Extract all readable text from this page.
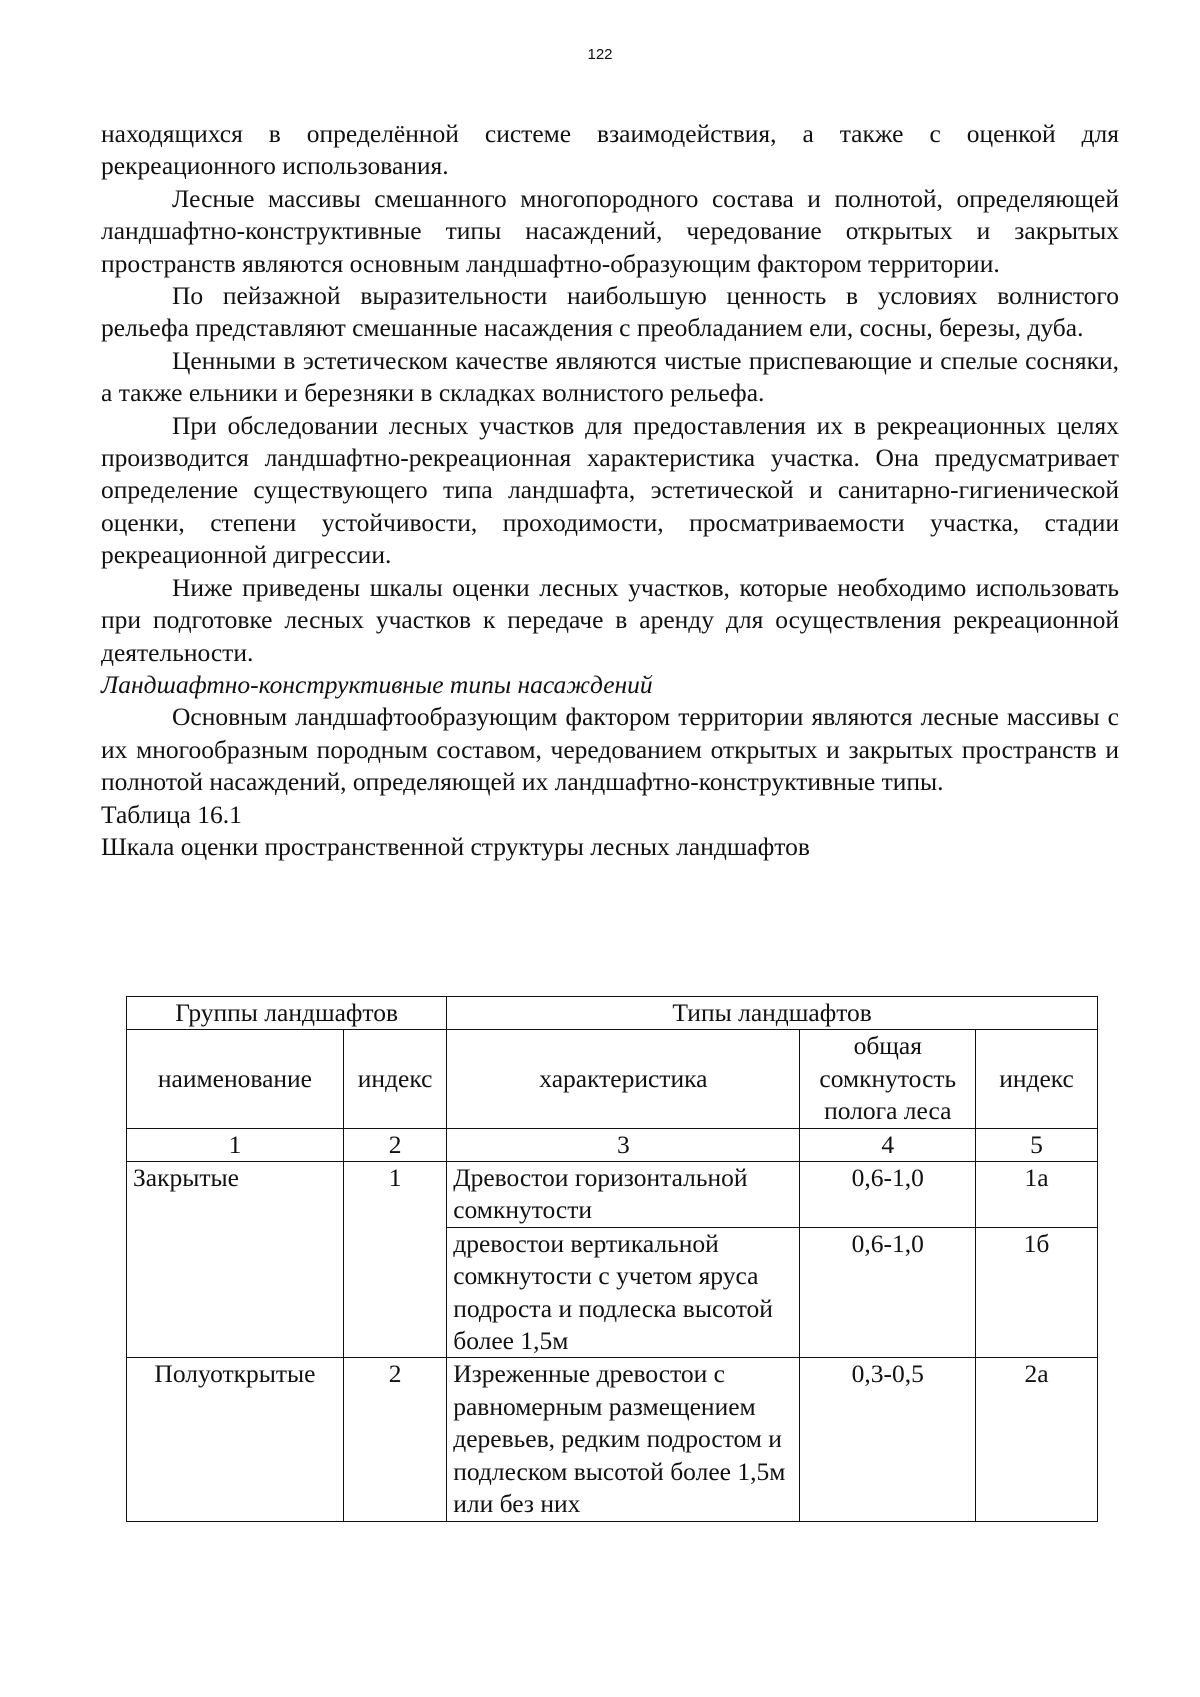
122

находящихся в определённой системе взаимодействия, а также с оценкой для рекреационного использования.

Лесные массивы смешанного многопородного состава и полнотой, определяющей ландшафтно-конструктивные типы насаждений, чередование открытых и закрытых пространств являются основным ландшафтно-образующим фактором территории.

По пейзажной выразительности наибольшую ценность в условиях волнистого рельефа представляют смешанные насаждения с преобладанием ели, сосны, березы, дуба.

Ценными в эстетическом качестве являются чистые приспевающие и спелые сосняки, а также ельники и березняки в складках волнистого рельефа.

При обследовании лесных участков для предоставления их в рекреационных целях производится ландшафтно-рекреационная характеристика участка. Она предусматривает определение существующего типа ландшафта, эстетической и санитарно-гигиенической оценки, степени устойчивости, проходимости, просматриваемости участка, стадии рекреационной дигрессии.

Ниже приведены шкалы оценки лесных участков, которые необходимо использовать при подготовке лесных участков к передаче в аренду для осуществления рекреационной деятельности.

Ландшафтно-конструктивные типы насаждений

Основным ландшафтообразующим фактором территории являются лесные массивы с их многообразным породным составом, чередованием открытых и закрытых пространств и полнотой насаждений, определяющей их ландшафтно-конструктивные типы.

Таблица 16.1

Шкала оценки пространственной структуры лесных ландшафтов

Группы ландшафтов		Типы ландшафтов		
наименование	индекс	характеристика	общая сомкнутость полога леса	индекс
1	2	3	4	5
Закрытые	1	Древостои горизонтальной сомкнутости	0,6-1,0	1а
		древостои вертикальной сомкнутости с учетом яруса подроста и подлеска высотой более 1,5м	0,6-1,0	1б
Полуоткрытые	2	Изреженные древостои с равномерным размещением деревьев, редким подростом и подлеском высотой более 1,5м или без них	0,3-0,5	2а
